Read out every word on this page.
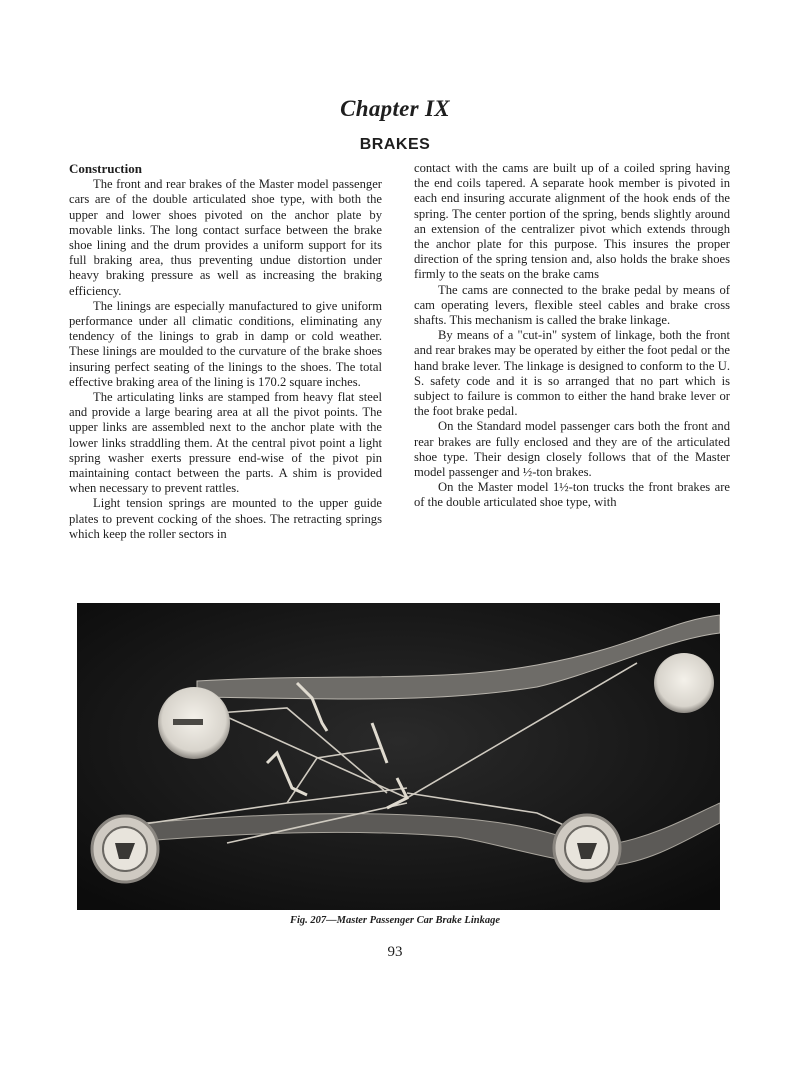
Chapter IX
BRAKES
Construction

The front and rear brakes of the Master model passenger cars are of the double articulated shoe type, with both the upper and lower shoes pivoted on the anchor plate by movable links. The long contact surface between the brake shoe lining and the drum provides a uniform support for its full braking area, thus preventing undue distortion under heavy braking pressure as well as increasing the braking efficiency.

The linings are especially manufactured to give uniform performance under all climatic conditions, eliminating any tendency of the linings to grab in damp or cold weather. These linings are moulded to the curvature of the brake shoes insuring perfect seating of the linings to the shoes. The total effective braking area of the lining is 170.2 square inches.

The articulating links are stamped from heavy flat steel and provide a large bearing area at all the pivot points. The upper links are assembled next to the anchor plate with the lower links straddling them. At the central pivot point a light spring washer exerts pressure end-wise of the pivot pin maintaining contact between the parts. A shim is provided when necessary to prevent rattles.

Light tension springs are mounted to the upper guide plates to prevent cocking of the shoes. The retracting springs which keep the roller sectors in

contact with the cams are built up of a coiled spring having the end coils tapered. A separate hook member is pivoted in each end insuring accurate alignment of the hook ends of the spring. The center portion of the spring, bends slightly around an extension of the centralizer pivot which extends through the anchor plate for this purpose. This insures the proper direction of the spring tension and, also holds the brake shoes firmly to the seats on the brake cams

The cams are connected to the brake pedal by means of cam operating levers, flexible steel cables and brake cross shafts. This mechanism is called the brake linkage.

By means of a "cut-in" system of linkage, both the front and rear brakes may be operated by either the foot pedal or the hand brake lever. The linkage is designed to conform to the U. S. safety code and it is so arranged that no part which is subject to failure is common to either the hand brake lever or the foot brake pedal.

On the Standard model passenger cars both the front and rear brakes are fully enclosed and they are of the articulated shoe type. Their design closely follows that of the Master model passenger and ½-ton brakes.

On the Master model 1½-ton trucks the front brakes are of the double articulated shoe type, with

Fig. 207—Master Passenger Car Brake Linkage
93
